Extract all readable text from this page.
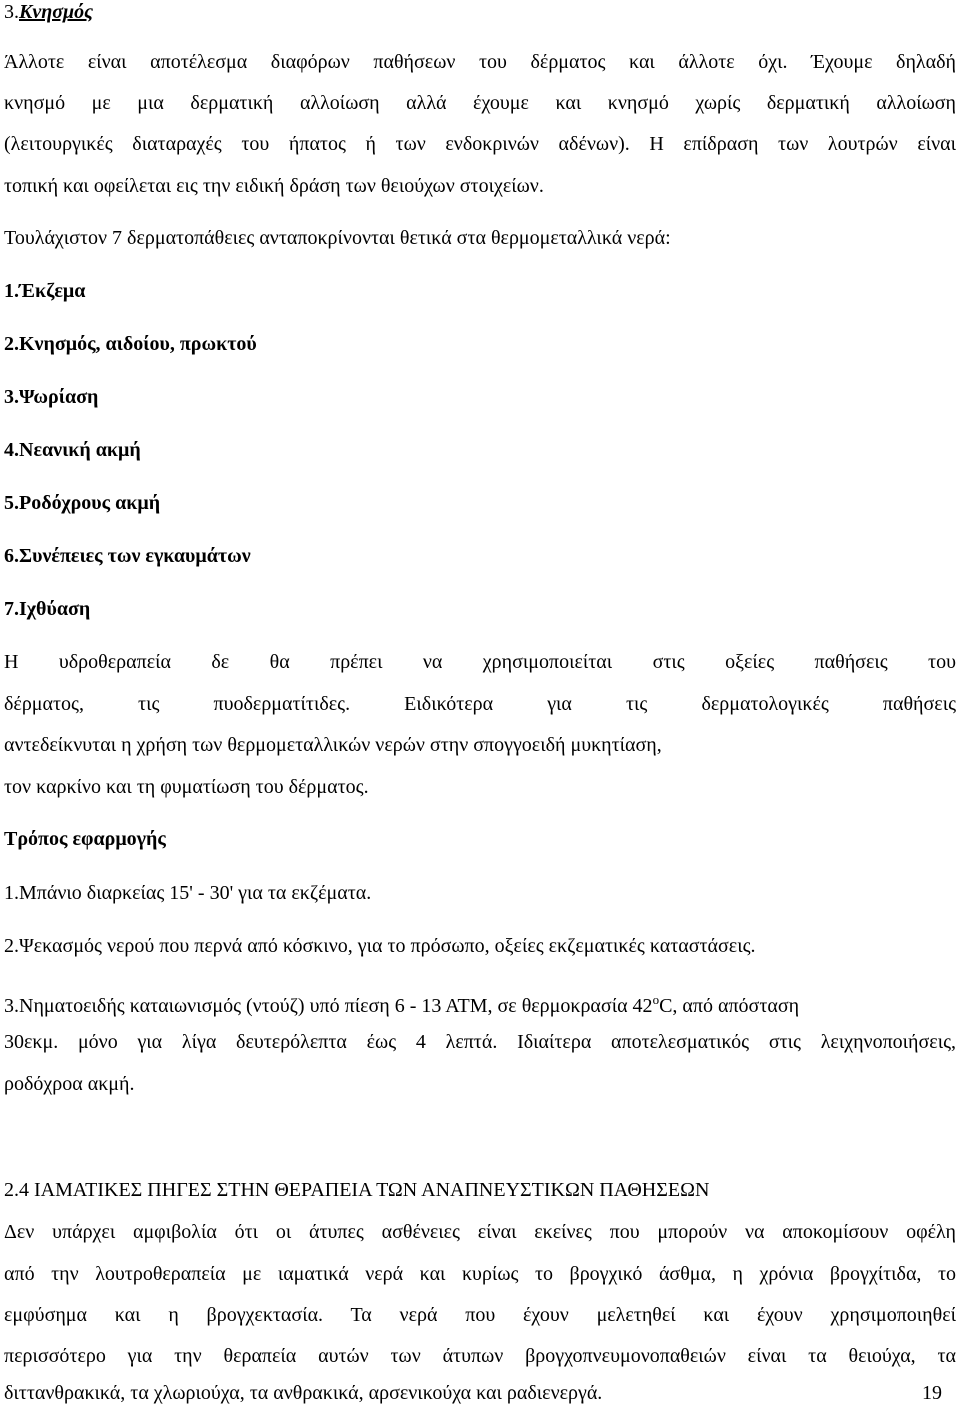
3.Κνησμός
Άλλοτε είναι αποτέλεσμα διαφόρων παθήσεων του δέρματος και άλλοτε όχι. Έχουμε δηλαδή
κνησμό με μια δερματική αλλοίωση αλλά έχουμε και κνησμό χωρίς δερματική αλλοίωση
(λειτουργικές διαταραχές του ήπατος ή των ενδοκρινών αδένων). Η επίδραση των λουτρών είναι
τοπική και οφείλεται εις την ειδική δράση των θειούχων στοιχείων.
Τουλάχιστον 7 δερματοπάθειες ανταποκρίνονται θετικά στα θερμομεταλλικά νερά:
1.Έκζεμα
2.Κνησμός, αιδοίου, πρωκτού
3.Ψωρίαση
4.Νεανική ακμή
5.Ροδόχρους ακμή
6.Συνέπειες των εγκαυμάτων
7.Ιχθύαση
Η υδροθεραπεία δε θα πρέπει να χρησιμοποιείται στις οξείες παθήσεις του
δέρματος, τις πυοδερματίτιδες. Ειδικότερα για τις δερματολογικές παθήσεις
αντεδείκνυται η χρήση των θερμομεταλλικών νερών στην σπογγοειδή μυκητίαση,
τον καρκίνο και τη φυματίωση του δέρματος.
Τρόπος εφαρμογής
1.Μπάνιο διαρκείας 15' - 30' για τα εκζέματα.
2.Ψεκασμός νερού που περνά από κόσκινο, για το πρόσωπο, οξείες εκζεματικές καταστάσεις.
3.Νηματοειδής καταιωνισμός (ντούζ) υπό πίεση 6 - 13 ΑΤΜ, σε θερμοκρασία $42^oC$, από απόσταση
30εκμ. μόνο για λίγα δευτερόλεπτα έως 4 λεπτά. Ιδιαίτερα αποτελεσματικός στις λειχηνοποιήσεις,
ροδόχροα ακμή.
2.4 ΙΑΜΑΤΙΚΕΣ ΠΗΓΕΣ ΣΤΗΝ ΘΕΡΑΠΕΙΑ ΤΩΝ ΑΝΑΠΝΕΥΣΤΙΚΩΝ ΠΑΘΗΣΕΩΝ
Δεν υπάρχει αμφιβολία ότι οι άτυπες ασθένειες είναι εκείνες που μπορούν να αποκομίσουν οφέλη
από την λουτροθεραπεία με ιαματικά νερά και κυρίως το βρογχικό άσθμα, η χρόνια βρογχίτιδα, το
εμφύσημα και η βρογχεκτασία. Τα νερά που έχουν μελετηθεί και έχουν χρησιμοποιηθεί
περισσότερο για την θεραπεία αυτών των άτυπων βρογχοπνευμονοπαθειών είναι τα θειούχα, τα
διττανθρακικά, τα χλωριούχα, τα ανθρακικά, αρσενικούχα και ραδιενεργά.	19
